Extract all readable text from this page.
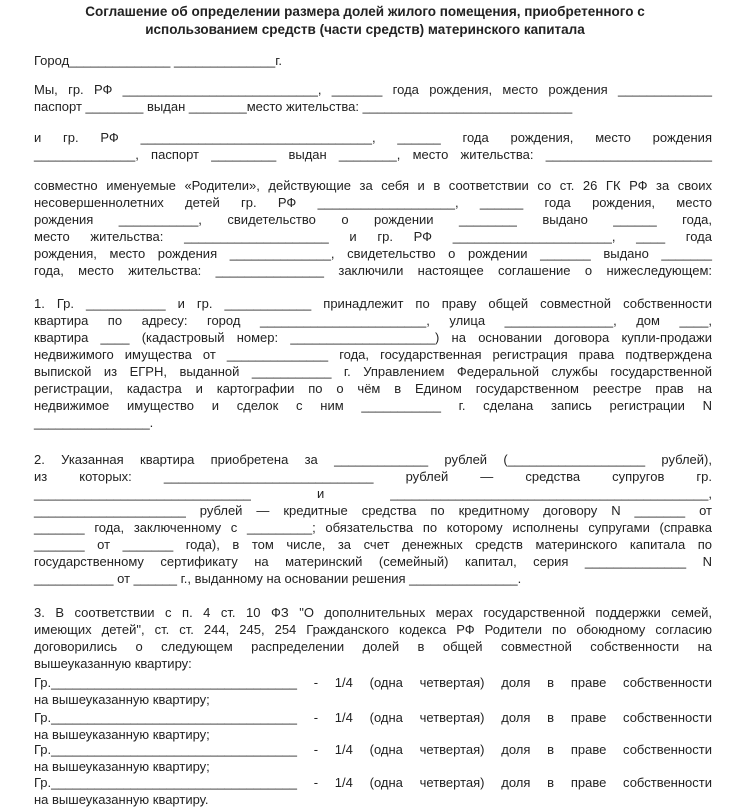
Соглашение об определении размера долей жилого помещения, приобретенного с
использованием средств (части средств) материнского капитала
Город______________ ______________г.
Мы, гр. РФ ___________________________, _______ года рождения, место рождения _____________
паспорт ________ выдан ________место жительства: _____________________________
и гр. РФ ________________________________, ______ года рождения, место рождения
______________, паспорт _________ выдан ________, место жительства: _______________________
совместно именуемые «Родители», действующие за себя и в соответствии со ст. 26 ГК РФ за своих
несовершеннолетних детей гр. РФ ___________________, ______ года рождения, место
рождения ___________, свидетельство о рождении ________ выдано ______ года,
место жительства: ____________________ и гр. РФ ______________________, ____ года
рождения, место рождения ______________, свидетельство о рождении _______ выдано _______
года, место жительства: _______________ заключили настоящее соглашение о нижеследующем:
1. Гр. ___________ и гр. ____________ принадлежит по праву общей совместной собственности
квартира по адресу: город _______________________, улица _______________, дом ____,
квартира ____ (кадастровый номер: ____________________) на основании договора купли-продажи
недвижимого имущества от ______________ года, государственная регистрация права подтверждена
выпиской из ЕГРН, выданной ___________ г. Управлением Федеральной службы государственной
регистрации, кадастра и картографии по о чём в Едином государственном реестре прав на
недвижимое имущество и сделок с ним ___________ г. сделана запись регистрации N
________________.
2. Указанная квартира приобретена за _____________ рублей (___________________ рублей),
из которых: _____________________________ рублей — средства супругов гр.
______________________________ и ____________________________________________,
_____________________ рублей — кредитные средства по кредитному договору N _______ от
_______ года, заключенному с _________; обязательства по которому исполнены супругами (справка
_______ от _______ года), в том числе, за счет денежных средств материнского капитала по
государственному сертификату на материнский (семейный) капитал, серия ______________ N
___________ от ______ г., выданному на основании решения _______________.
3. В соответствии с п. 4 ст. 10 ФЗ "О дополнительных мерах государственной поддержки семей,
имеющих детей", ст. ст. 244, 245, 254 Гражданского кодекса РФ Родители по обоюдному согласию
договорились о следующем распределении долей в общей совместной собственности на
вышеуказанную квартиру:
Гр.__________________________________ - 1/4 (одна четвертая) доля в праве собственности
на вышеуказанную квартиру;
Гр.__________________________________ - 1/4 (одна четвертая) доля в праве собственности
на вышеуказанную квартиру;
Гр.__________________________________ - 1/4 (одна четвертая) доля в праве собственности
на вышеуказанную квартиру;
Гр.__________________________________ - 1/4 (одна четвертая) доля в праве собственности
на вышеуказанную квартиру.
